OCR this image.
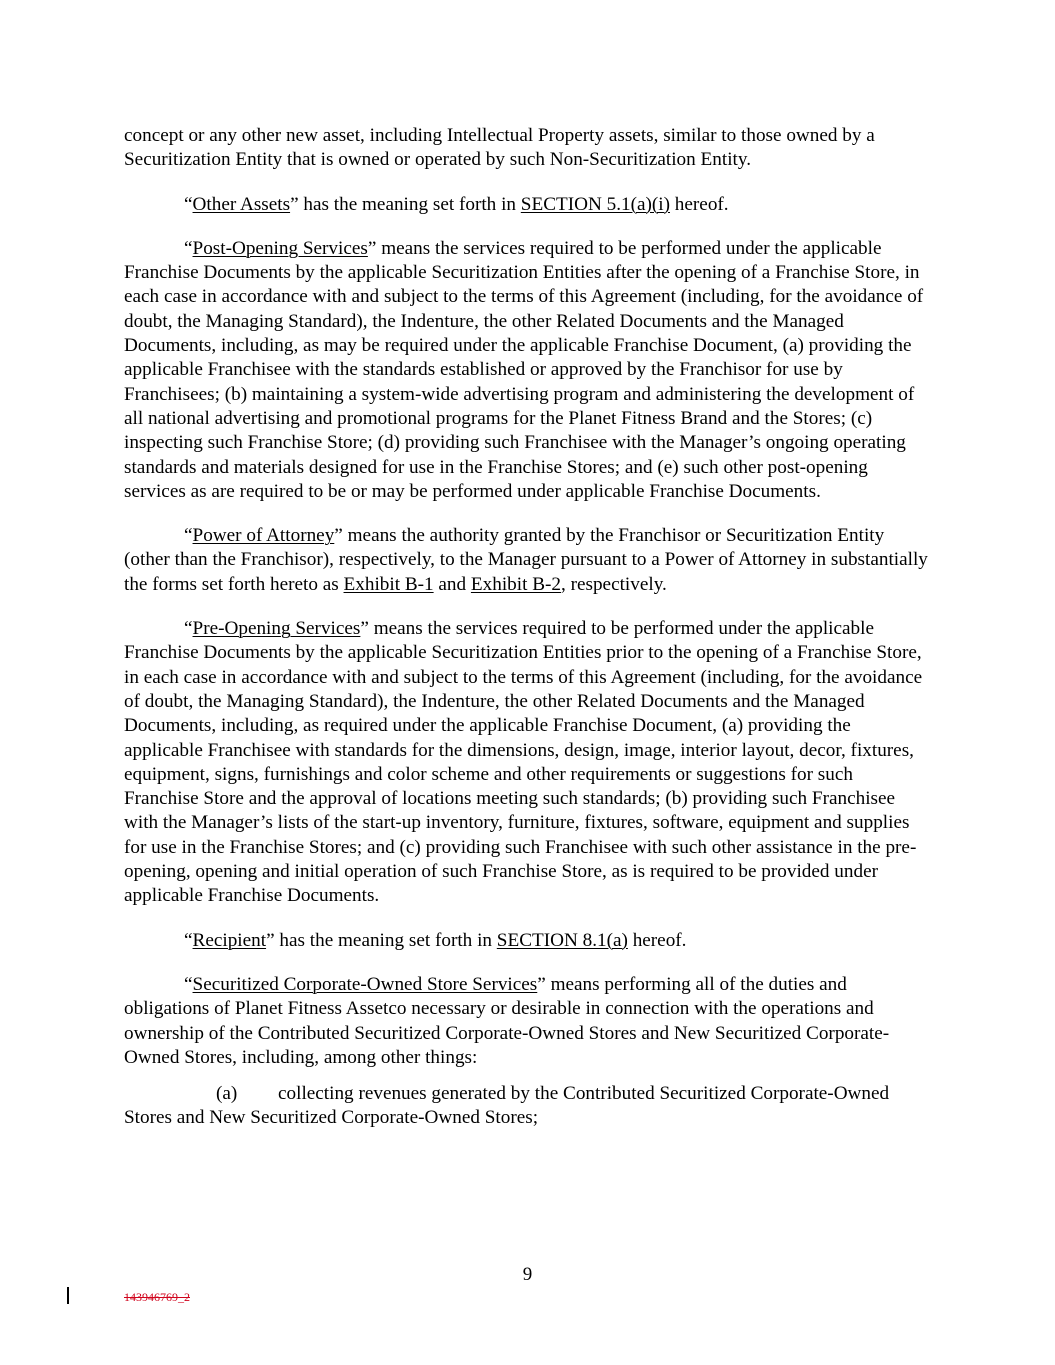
concept or any other new asset, including Intellectual Property assets, similar to those owned by a Securitization Entity that is owned or operated by such Non-Securitization Entity.

“Other Assets” has the meaning set forth in SECTION 5.1(a)(i) hereof.

“Post-Opening Services” means the services required to be performed under the applicable Franchise Documents by the applicable Securitization Entities after the opening of a Franchise Store, in each case in accordance with and subject to the terms of this Agreement (including, for the avoidance of doubt, the Managing Standard), the Indenture, the other Related Documents and the Managed Documents, including, as may be required under the applicable Franchise Document, (a) providing the applicable Franchisee with the standards established or approved by the Franchisor for use by Franchisees; (b) maintaining a system-wide advertising program and administering the development of all national advertising and promotional programs for the Planet Fitness Brand and the Stores; (c) inspecting such Franchise Store; (d) providing such Franchisee with the Manager’s ongoing operating standards and materials designed for use in the Franchise Stores; and (e) such other post-opening services as are required to be or may be performed under applicable Franchise Documents.

“Power of Attorney” means the authority granted by the Franchisor or Securitization Entity (other than the Franchisor), respectively, to the Manager pursuant to a Power of Attorney in substantially the forms set forth hereto as Exhibit B-1 and Exhibit B-2, respectively.

“Pre-Opening Services” means the services required to be performed under the applicable Franchise Documents by the applicable Securitization Entities prior to the opening of a Franchise Store, in each case in accordance with and subject to the terms of this Agreement (including, for the avoidance of doubt, the Managing Standard), the Indenture, the other Related Documents and the Managed Documents, including, as required under the applicable Franchise Document, (a) providing the applicable Franchisee with standards for the dimensions, design, image, interior layout, decor, fixtures, equipment, signs, furnishings and color scheme and other requirements or suggestions for such Franchise Store and the approval of locations meeting such standards; (b) providing such Franchisee with the Manager’s lists of the start-up inventory, furniture, fixtures, software, equipment and supplies for use in the Franchise Stores; and (c) providing such Franchisee with such other assistance in the pre-opening, opening and initial operation of such Franchise Store, as is required to be provided under applicable Franchise Documents.

“Recipient” has the meaning set forth in SECTION 8.1(a) hereof.

“Securitized Corporate-Owned Store Services” means performing all of the duties and obligations of Planet Fitness Assetco necessary or desirable in connection with the operations and ownership of the Contributed Securitized Corporate-Owned Stores and New Securitized Corporate-Owned Stores, including, among other things:

(a) collecting revenues generated by the Contributed Securitized Corporate-Owned Stores and New Securitized Corporate-Owned Stores;

9
143946769_2
